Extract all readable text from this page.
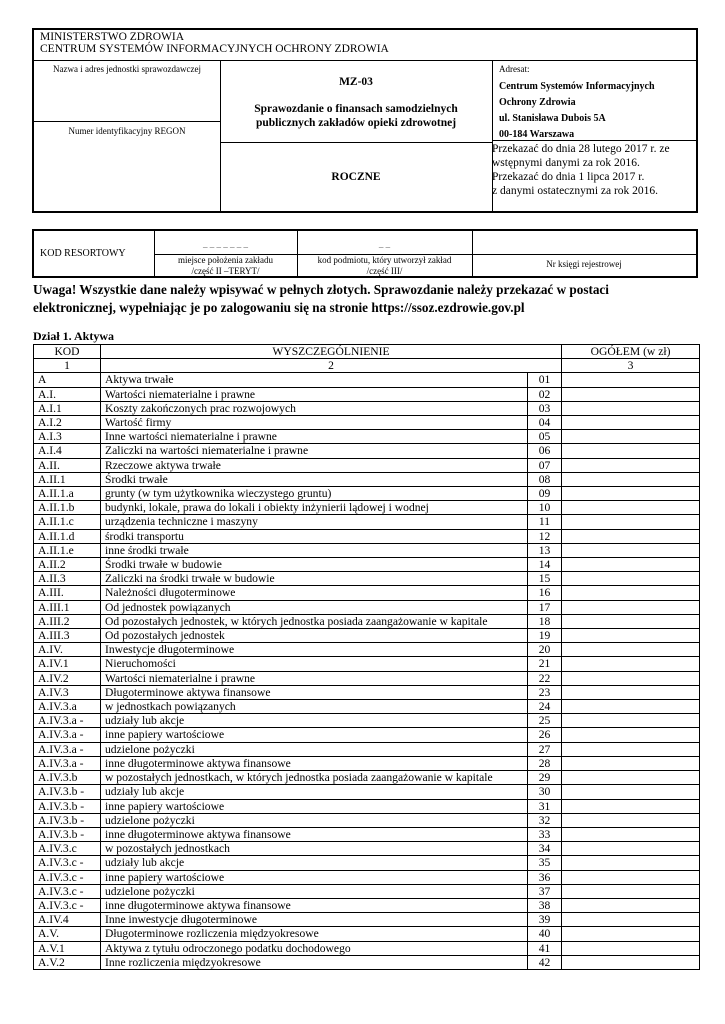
MINISTERSTWO ZDROWIA
CENTRUM SYSTEMÓW INFORMACYJNYCH OCHRONY ZDROWIA
Nazwa i adres jednostki sprawozdawczej
Numer identyfikacyjny REGON
MZ-03
Sprawozdanie o finansach samodzielnych
publicznych zakładów opieki zdrowotnej
ROCZNE
Adresat:
Centrum Systemów Informacyjnych
Ochrony Zdrowia
ul. Stanisława Dubois 5A
00-184 Warszawa
Przekazać do dnia 28 lutego 2017 r. ze
wstępnymi danymi za rok 2016.
Przekazać do dnia 1 lipca 2017 r.
z danymi ostatecznymi za rok 2016.
KOD RESORTOWY
_ _ _ _ _ _ _
miejsce położenia zakładu
/część II –TERYT/
_ _
kod podmiotu, który utworzył zakład
/część III/
Nr księgi rejestrowej
Uwaga! Wszystkie dane należy wpisywać w pełnych złotych. Sprawozdanie należy przekazać w postaci
elektronicznej, wypełniając je po zalogowaniu się na stronie https://ssoz.ezdrowie.gov.pl
Dział 1. Aktywa
KOD	WYSZCZEGÓLNIENIE		OGÓŁEM (w zł)
1	2		3
A	Aktywa trwałe	01	
A.I.	Wartości niematerialne i prawne	02	
A.I.1	Koszty zakończonych prac rozwojowych	03	
A.I.2	Wartość firmy	04	
A.I.3	Inne wartości niematerialne i prawne	05	
A.I.4	Zaliczki na wartości niematerialne i prawne	06	
A.II.	Rzeczowe aktywa trwałe	07	
A.II.1	Środki trwałe	08	
A.II.1.a	grunty (w tym użytkownika wieczystego gruntu)	09	
A.II.1.b	budynki, lokale, prawa do lokali i obiekty inżynierii lądowej i wodnej	10	
A.II.1.c	urządzenia techniczne i maszyny	11	
A.II.1.d	środki transportu	12	
A.II.1.e	inne środki trwałe	13	
A.II.2	Środki trwałe w budowie	14	
A.II.3	Zaliczki na środki trwałe w budowie	15	
A.III.	Należności długoterminowe	16	
A.III.1	Od jednostek powiązanych	17	
A.III.2	Od pozostałych jednostek, w których jednostka posiada zaangażowanie w kapitale	18	
A.III.3	Od pozostałych jednostek	19	
A.IV.	Inwestycje długoterminowe	20	
A.IV.1	Nieruchomości	21	
A.IV.2	Wartości niematerialne i prawne	22	
A.IV.3	Długoterminowe aktywa finansowe	23	
A.IV.3.a	w jednostkach powiązanych	24	
A.IV.3.a -	udziały lub akcje	25	
A.IV.3.a -	inne papiery wartościowe	26	
A.IV.3.a -	udzielone pożyczki	27	
A.IV.3.a -	inne długoterminowe aktywa finansowe	28	
A.IV.3.b	w pozostałych jednostkach, w których jednostka posiada zaangażowanie w kapitale	29	
A.IV.3.b -	udziały lub akcje	30	
A.IV.3.b -	inne papiery wartościowe	31	
A.IV.3.b -	udzielone pożyczki	32	
A.IV.3.b -	inne długoterminowe aktywa finansowe	33	
A.IV.3.c	w pozostałych jednostkach	34	
A.IV.3.c -	udziały lub akcje	35	
A.IV.3.c -	inne papiery wartościowe	36	
A.IV.3.c -	udzielone pożyczki	37	
A.IV.3.c -	inne długoterminowe aktywa finansowe	38	
A.IV.4	Inne inwestycje długoterminowe	39	
A.V.	Długoterminowe rozliczenia międzyokresowe	40	
A.V.1	Aktywa z tytułu odroczonego podatku dochodowego	41	
A.V.2	Inne rozliczenia międzyokresowe	42	
